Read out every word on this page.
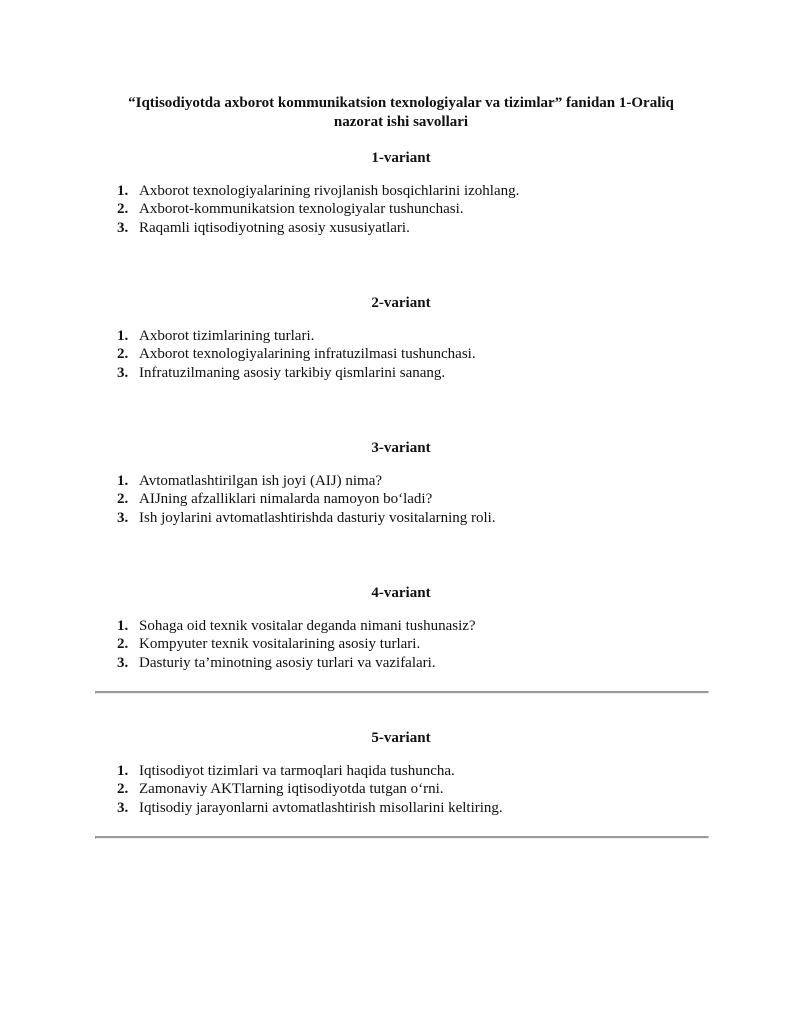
“Iqtisodiyotda axborot kommunikatsion texnologiyalar va tizimlar” fanidan 1-Oraliq
nazorat ishi savollari
1-variant
1. Axborot texnologiyalarining rivojlanish bosqichlarini izohlang.
2. Axborot-kommunikatsion texnologiyalar tushunchasi.
3. Raqamli iqtisodiyotning asosiy xususiyatlari.
2-variant
1. Axborot tizimlarining turlari.
2. Axborot texnologiyalarining infratuzilmasi tushunchasi.
3. Infratuzilmaning asosiy tarkibiy qismlarini sanang.
3-variant
1. Avtomatlashtirilgan ish joyi (AIJ) nima?
2. AIJning afzalliklari nimalarda namoyon bo‘ladi?
3. Ish joylarini avtomatlashtirishda dasturiy vositalarning roli.
4-variant
1. Sohaga oid texnik vositalar deganda nimani tushunasiz?
2. Kompyuter texnik vositalarining asosiy turlari.
3. Dasturiy ta’minotning asosiy turlari va vazifalari.
5-variant
1. Iqtisodiyot tizimlari va tarmoqlari haqida tushuncha.
2. Zamonaviy AKTlarning iqtisodiyotda tutgan o‘rni.
3. Iqtisodiy jarayonlarni avtomatlashtirish misollarini keltiring.
